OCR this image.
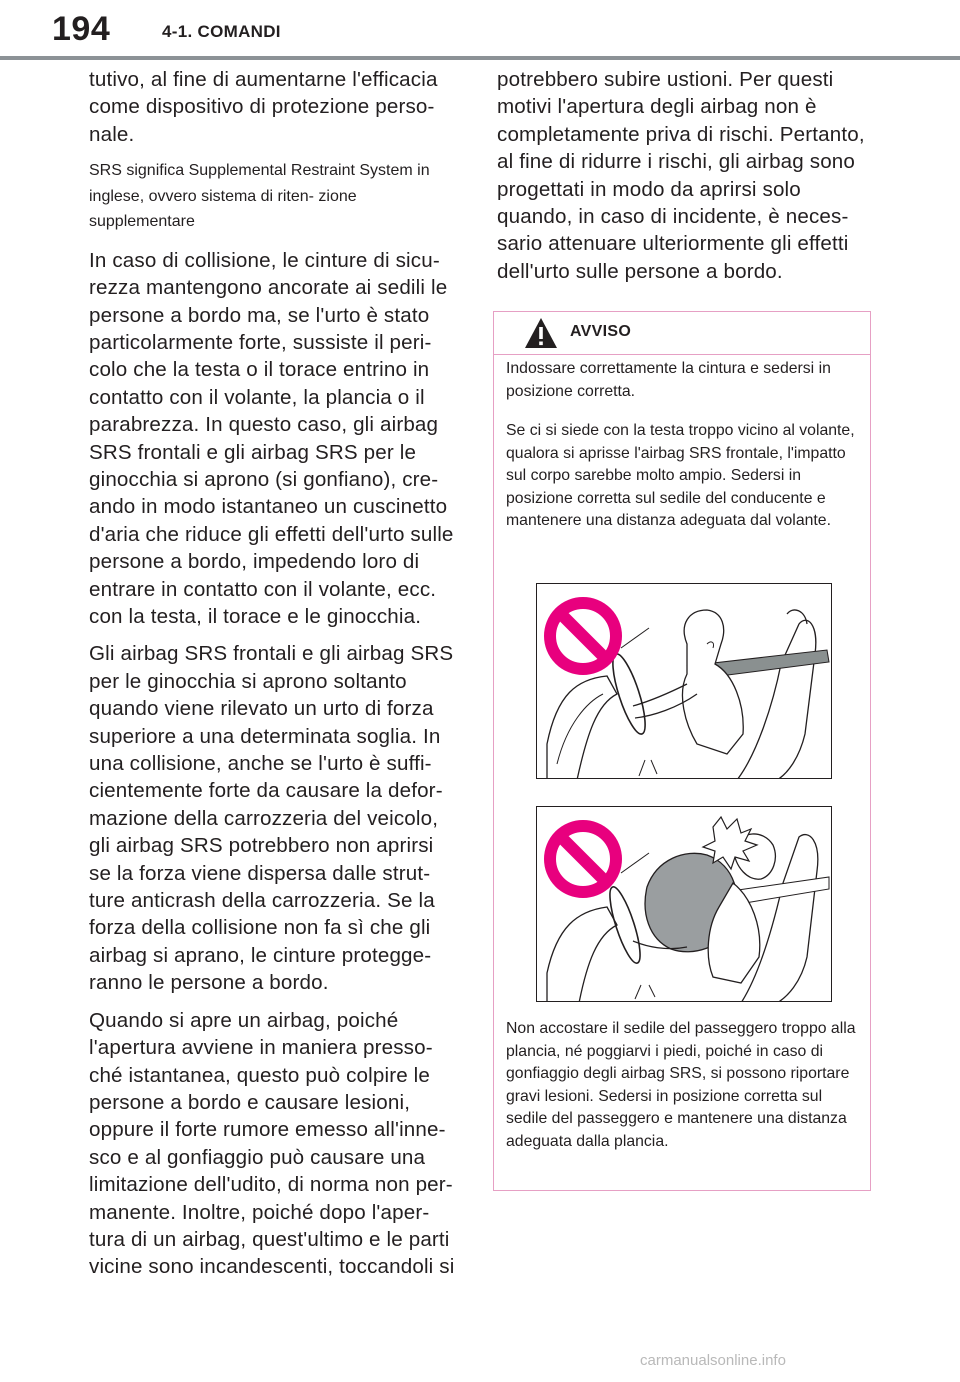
194	4-1. COMANDI

tutivo, al fine di aumentarne l'efficacia come dispositivo di protezione perso- nale.

SRS significa Supplemental Restraint System in inglese, ovvero sistema di riten- zione supplementare

In caso di collisione, le cinture di sicu- rezza mantengono ancorate ai sedili le persone a bordo ma, se l'urto è stato particolarmente forte, sussiste il peri- colo che la testa o il torace entrino in contatto con il volante, la plancia o il parabrezza. In questo caso, gli airbag SRS frontali e gli airbag SRS per le ginocchia si aprono (si gonfiano), cre- ando in modo istantaneo un cuscinetto d'aria che riduce gli effetti dell'urto sulle persone a bordo, impedendo loro di entrare in contatto con il volante, ecc. con la testa, il torace e le ginocchia.

Gli airbag SRS frontali e gli airbag SRS per le ginocchia si aprono soltanto quando viene rilevato un urto di forza superiore a una determinata soglia. In una collisione, anche se l'urto è suffi- cientemente forte da causare la defor- mazione della carrozzeria del veicolo, gli airbag SRS potrebbero non aprirsi se la forza viene dispersa dalle strut- ture anticrash della carrozzeria. Se la forza della collisione non fa sì che gli airbag si aprano, le cinture protegge- ranno le persone a bordo.

Quando si apre un airbag, poiché l'apertura avviene in maniera presso- ché istantanea, questo può colpire le persone a bordo e causare lesioni, oppure il forte rumore emesso all'inne- sco e al gonfiaggio può causare una limitazione dell'udito, di norma non per- manente. Inoltre, poiché dopo l'aper- tura di un airbag, quest'ultimo e le parti vicine sono incandescenti, toccandoli si

potrebbero subire ustioni. Per questi motivi l'apertura degli airbag non è completamente priva di rischi. Pertanto, al fine di ridurre i rischi, gli airbag sono progettati in modo da aprirsi solo quando, in caso di incidente, è neces- sario attenuare ulteriormente gli effetti dell'urto sulle persone a bordo.

AVVISO
Indossare correttamente la cintura e sedersi in posizione corretta.
Se ci si siede con la testa troppo vicino al volante, qualora si aprisse l'airbag SRS frontale, l'impatto sul corpo sarebbe molto ampio. Sedersi in posizione corretta sul sedile del conducente e mantenere una distanza adeguata dal volante.
Non accostare il sedile del passeggero troppo alla plancia, né poggiarvi i piedi, poiché in caso di gonfiaggio degli airbag SRS, si possono riportare gravi lesioni. Sedersi in posizione corretta sul sedile del passeggero e mantenere una distanza adeguata dalla plancia.
carmanualsonline.info
